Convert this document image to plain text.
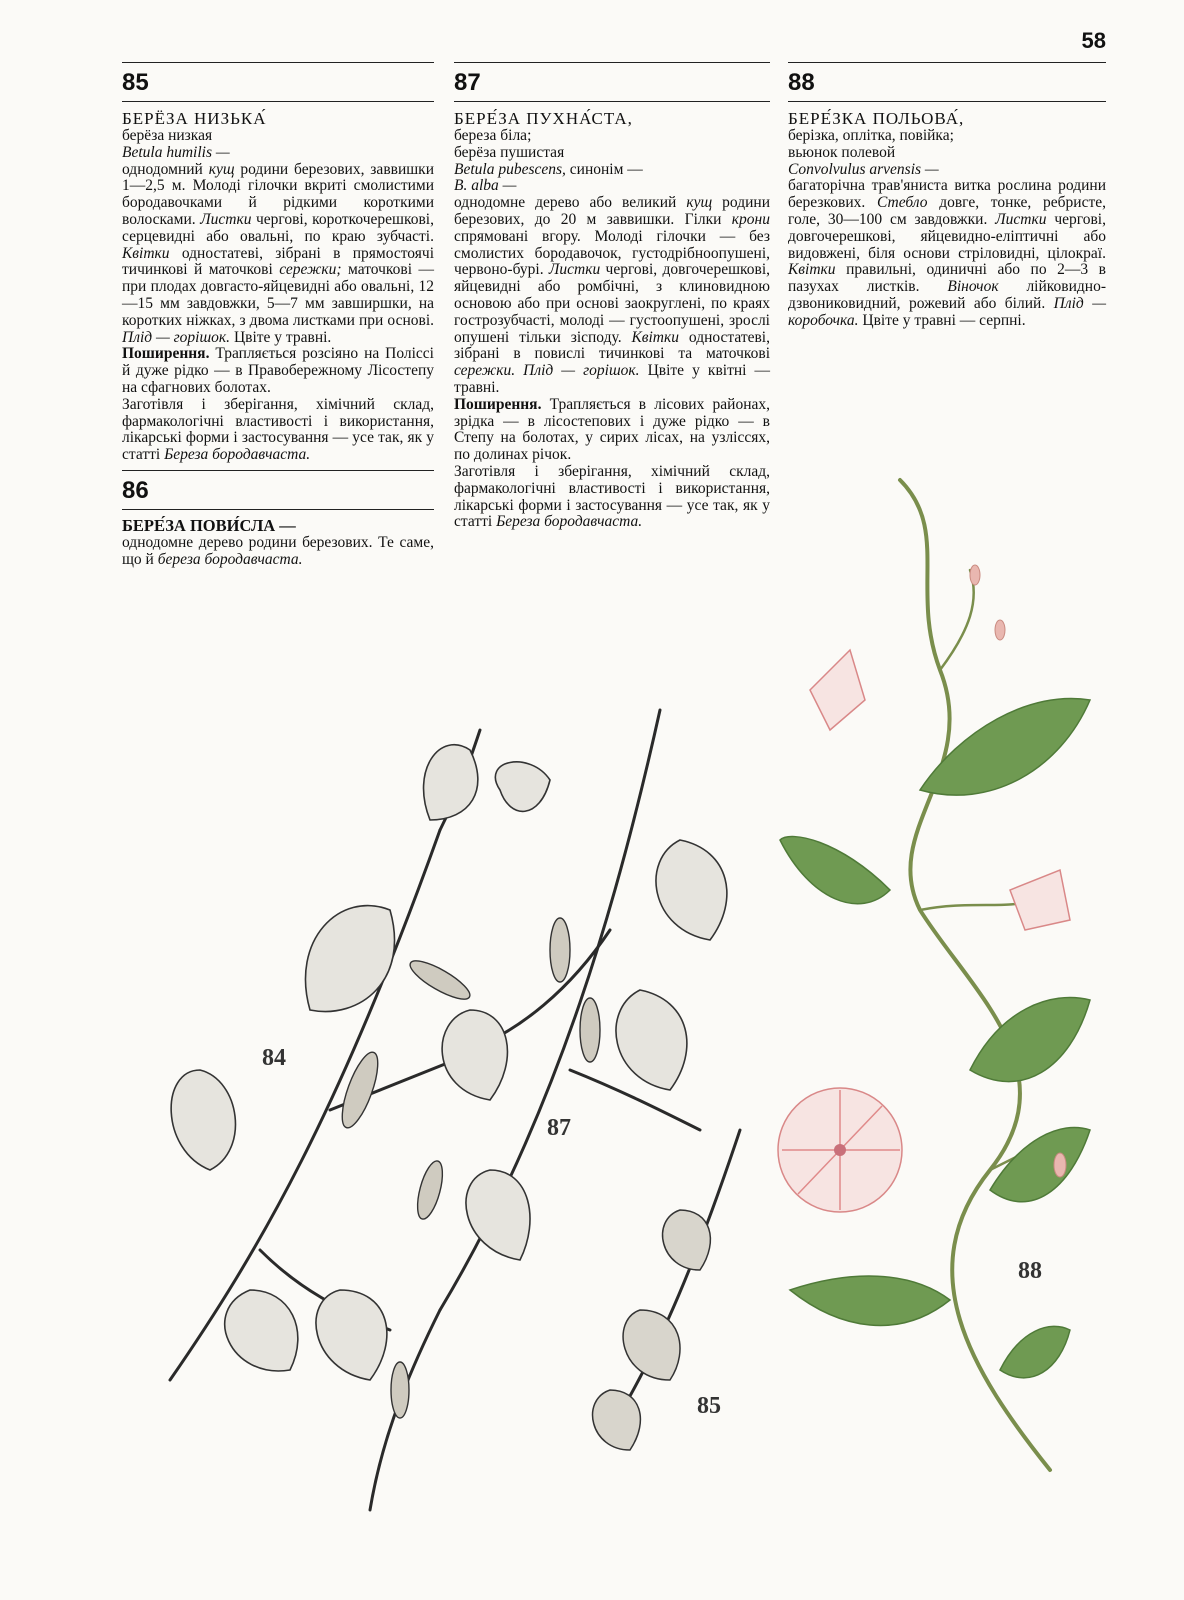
58
85
БЕРЁЗА НИЗЬКА́

берёза низкая

Betula humilis —

однодомний кущ родини березових, заввишки 1—2,5 м. Молоді гілочки вкриті смолистими бородавочками й рідкими короткими волосками. Листки чергові, короткочерешкові, серцевидні або овальні, по краю зубчасті. Квітки одностатеві, зібрані в прямостоячі тичинкові й маточкові сережки; маточкові — при плодах довгасто-яйцевидні або овальні, 12—15 мм завдовжки, 5—7 мм завширшки, на коротких ніжках, з двома листками при основі. Плід — горішок. Цвіте у травні.

Поширення. Трапляється розсіяно на Поліссі й дуже рідко — в Правобережному Лісостепу на сфагнових болотах.

Заготівля і зберігання, хімічний склад, фармакологічні властивості і використання, лікарські форми і застосування — усе так, як у статті Береза бородавчаста.

86

БЕРЕ́ЗА ПОВИ́СЛА —

однодомне дерево родини березових. Те саме, що й береза бородавчаста.

87
БЕРЕ́ЗА ПУХНА́СТА,

береза біла;

берёза пушистая

Betula pubescens, синонім —

B. alba —

однодомне дерево або великий кущ родини березових, до 20 м заввишки. Гілки крони спрямовані вгору. Молоді гілочки — без смолистих бородавочок, густодрібноопушені, червоно-бурі. Листки чергові, довгочерешкові, яйцевидні або ромбічні, з клиновидною основою або при основі заокруглені, по краях гострозубчасті, молоді — густоопушені, зрослі опушені тільки зісподу. Квітки одностатеві, зібрані в повислі тичинкові та маточкові сережки. Плід — горішок. Цвіте у квітні — травні.

Поширення. Трапляється в лісових районах, зрідка — в лісостепових і дуже рідко — в Степу на болотах, у сирих лісах, на узліссях, по долинах річок.

Заготівля і зберігання, хімічний склад, фармакологічні властивості і використання, лікарські форми і застосування — усе так, як у статті Береза бородавчаста.

88
БЕРЕ́ЗКА ПОЛЬОВА́,

берізка, оплітка, повійка;

вьюнок полевой

Convolvulus arvensis —

багаторічна трав'яниста витка рослина родини березкових. Стебло довге, тонке, ребристе, голе, 30—100 см завдовжки. Листки чергові, довгочерешкові, яйцевидно-еліптичні або видовжені, біля основи стріловидні, цілокраї. Квітки правильні, одиничні або по 2—3 в пазухах листків. Віночок лійковидно-дзвониковидний, рожевий або білий. Плід — коробочка. Цвіте у травні — серпні.

84
87
85
88
